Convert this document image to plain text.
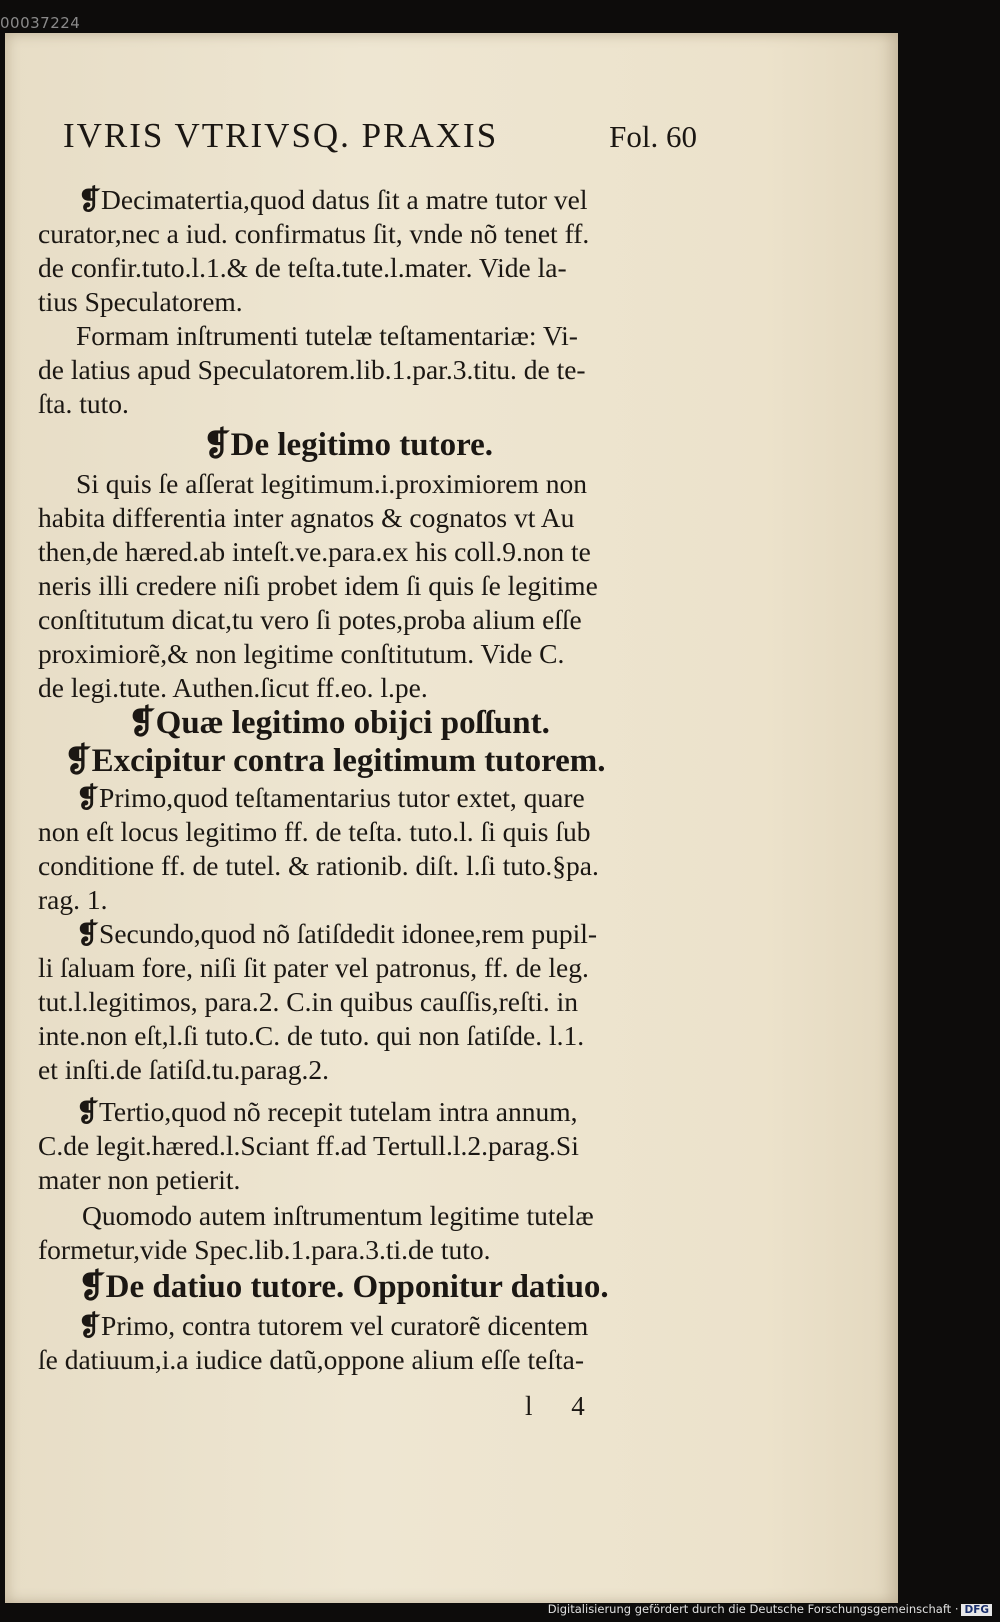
00037224
IVRIS VTRIVSQ. PRAXIS	Fol. 60
❡Decimatertia,quod datus ſit a matre tutor vel
curator,nec a iud. confirmatus ſit, vnde nõ tenet ff.
de confir.tuto.l.1.& de teſta.tute.l.mater. Vide la-
tius Speculatorem.
Formam inſtrumenti tutelæ teſtamentariæ: Vi-
de latius apud Speculatorem.lib.1.par.3.titu. de te-
ſta. tuto.
❡De legitimo tutore.
Si quis ſe aſſerat legitimum.i.proximiorem non
habita differentia inter agnatos & cognatos vt Au
then,de hæred.ab inteſt.ve.para.ex his coll.9.non te
neris illi credere niſi probet idem ſi quis ſe legitime
conſtitutum dicat,tu vero ſi potes,proba alium eſſe
proximiorẽ,& non legitime conſtitutum. Vide C.
de legi.tute. Authen.ſicut ff.eo. l.pe.
❡Quæ legitimo obijci poſſunt.
❡Excipitur contra legitimum tutorem.
❡Primo,quod teſtamentarius tutor extet, quare
non eſt locus legitimo ff. de teſta. tuto.l. ſi quis ſub
conditione ff. de tutel. & rationib. diſt. l.ſi tuto.§pa.
rag. 1.
❡Secundo,quod nõ ſatiſdedit idonee,rem pupil-
li ſaluam fore, niſi ſit pater vel patronus, ff. de leg.
tut.l.legitimos, para.2. C.in quibus cauſſis,reſti. in
inte.non eſt,l.ſi tuto.C. de tuto. qui non ſatiſde. l.1.
et inſti.de ſatiſd.tu.parag.2.
❡Tertio,quod nõ recepit tutelam intra annum,
C.de legit.hæred.l.Sciant ff.ad Tertull.l.2.parag.Si
mater non petierit.
Quomodo autem inſtrumentum legitime tutelæ
formetur,vide Spec.lib.1.para.3.ti.de tuto.
❡De datiuo tutore. Opponitur datiuo.
❡Primo, contra tutorem vel curatorẽ dicentem
ſe datiuum,i.a iudice datũ,oppone alium eſſe teſta-
l 4
Digitalisierung gefördert durch die Deutsche Forschungsgemeinschaft · DFG
